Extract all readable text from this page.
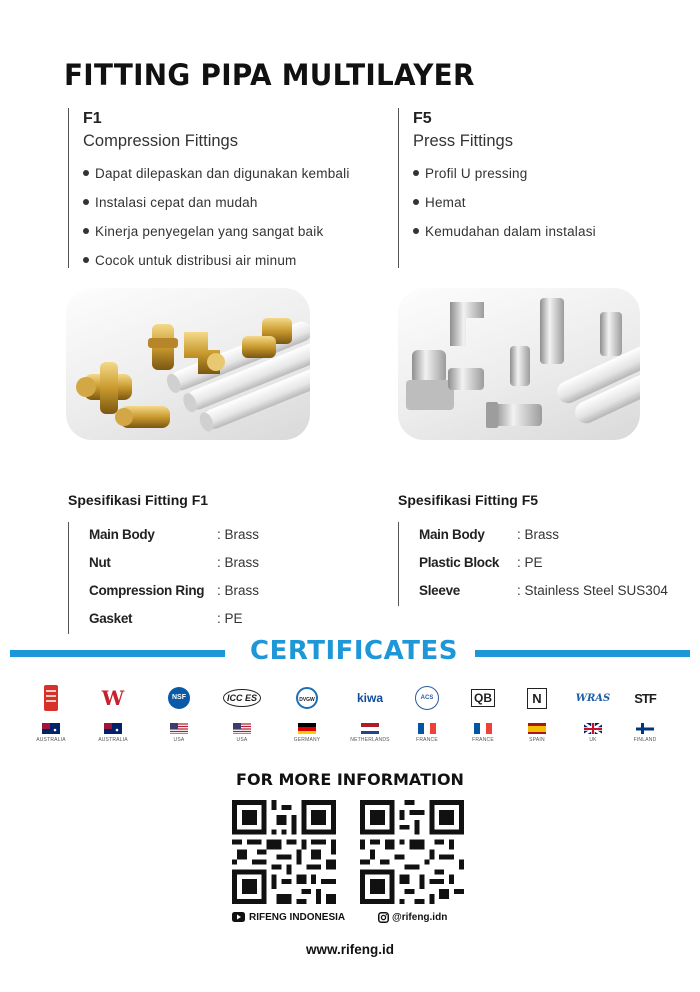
FITTING PIPA MULTILAYER
F1
Compression Fittings
Dapat dilepaskan dan digunakan kembali
Instalasi cepat dan mudah
Kinerja penyegelan yang sangat baik
Cocok untuk distribusi air minum
F5
Press Fittings
Profil U pressing
Hemat
Kemudahan dalam instalasi
Spesifikasi Fitting F1	Spesifikasi Fitting F5
Main Body	: Brass
Nut	: Brass
Compression Ring : Brass
Gasket	: PE
Main Body : Brass
Plastic Block : PE
Sleeve	: Stainless Steel SUS304
CERTIFICATES
AUSTRALIA
W
AUSTRALIA
NSF
USA
ICC ES
USA
DVGW
GERMANY
kiwa
NETHERLANDS
ACS
FRANCE
QB
FRANCE
N
SPAIN
WRAS
UK
STF
FINLAND
FOR MORE INFORMATION
RIFENG INDONESIA	@rifeng.idn
www.rifeng.id
